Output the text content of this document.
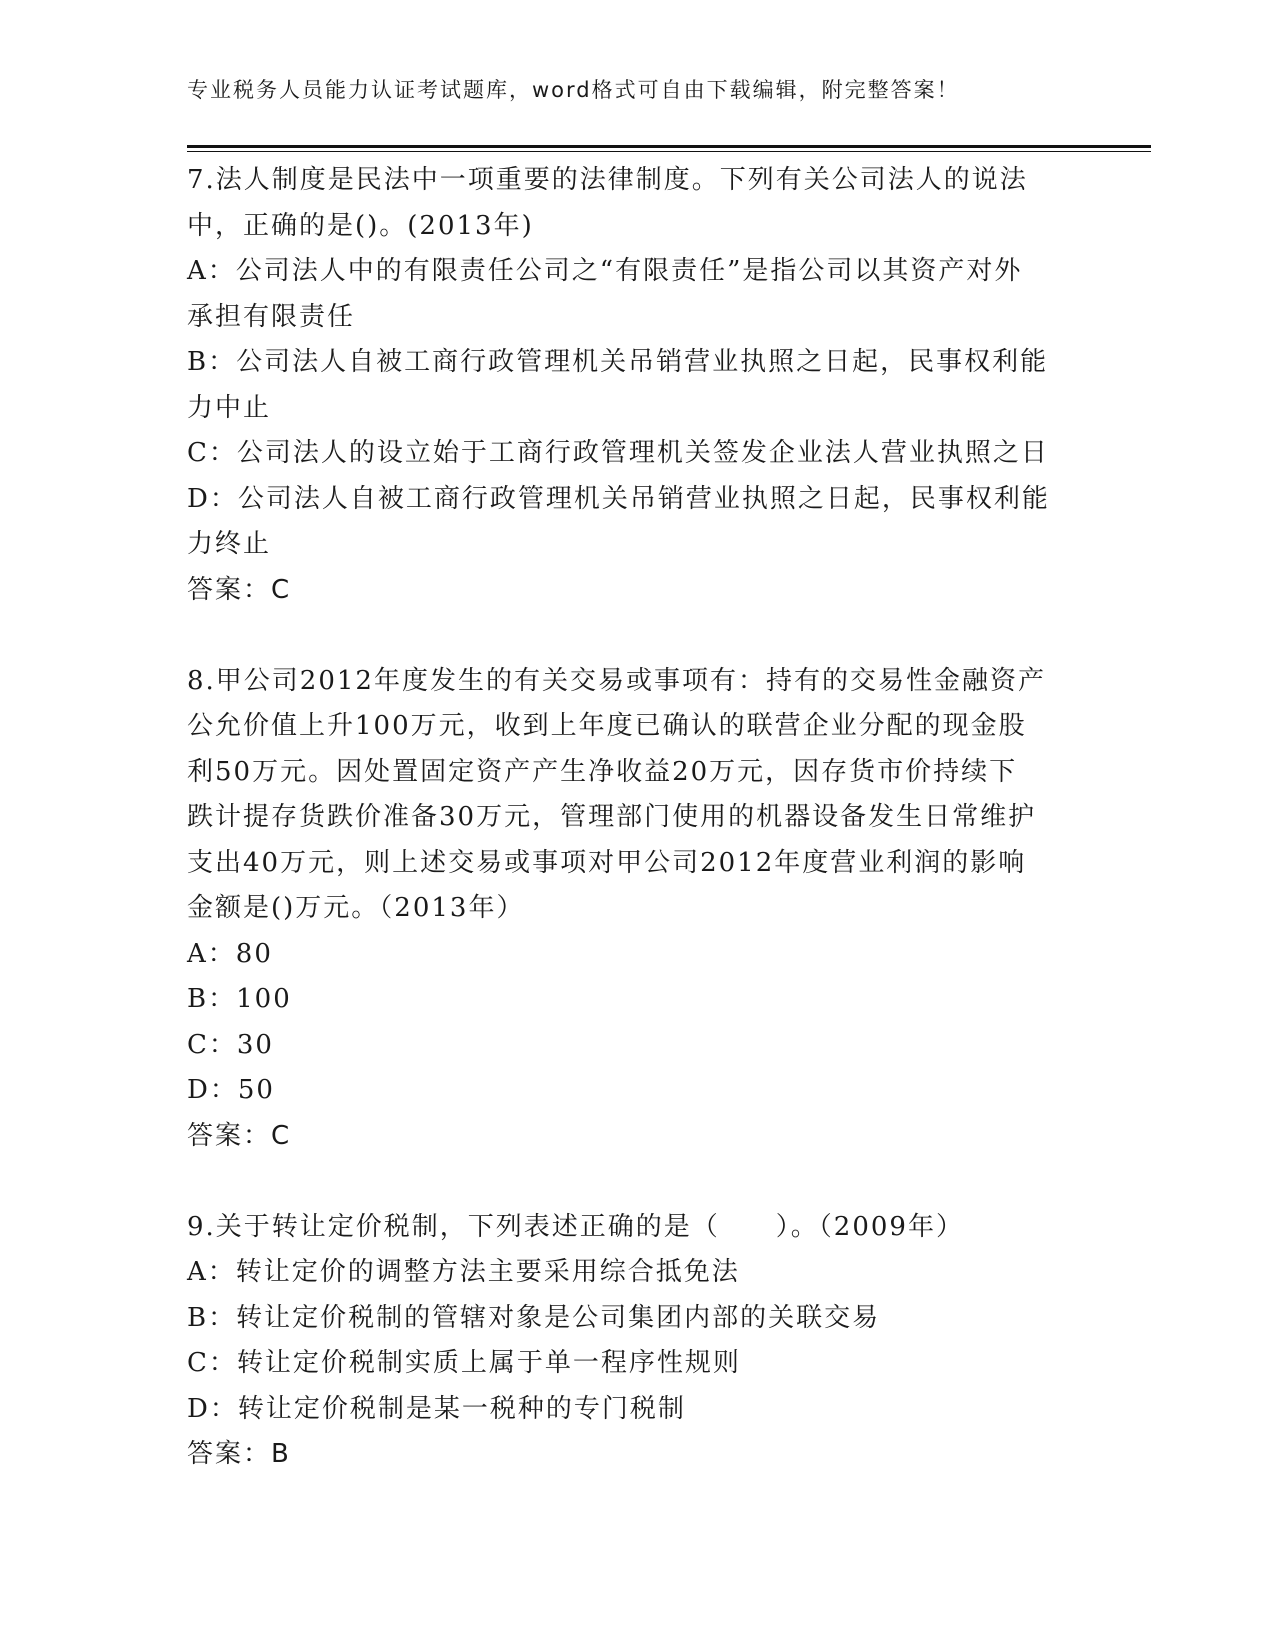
专业税务人员能力认证考试题库，word格式可自由下载编辑，附完整答案！
7.法人制度是民法中一项重要的法律制度。下列有关公司法人的说法
中，正确的是()。(2013年)
A：公司法人中的有限责任公司之“有限责任”是指公司以其资产对外
承担有限责任
B：公司法人自被工商行政管理机关吊销营业执照之日起，民事权利能
力中止
C：公司法人的设立始于工商行政管理机关签发企业法人营业执照之日
D：公司法人自被工商行政管理机关吊销营业执照之日起，民事权利能
力终止
答案：C
8.甲公司2012年度发生的有关交易或事项有：持有的交易性金融资产
公允价值上升100万元，收到上年度已确认的联营企业分配的现金股
利50万元。因处置固定资产产生净收益20万元，因存货市价持续下
跌计提存货跌价准备30万元，管理部门使用的机器设备发生日常维护
支出40万元，则上述交易或事项对甲公司2012年度营业利润的影响
金额是()万元。（2013年）
A：80
B：100
C：30
D：50
答案：C
9.关于转让定价税制，下列表述正确的是（　　）。（2009年）
A：转让定价的调整方法主要采用综合抵免法
B：转让定价税制的管辖对象是公司集团内部的关联交易
C：转让定价税制实质上属于单一程序性规则
D：转让定价税制是某一税种的专门税制
答案：B
